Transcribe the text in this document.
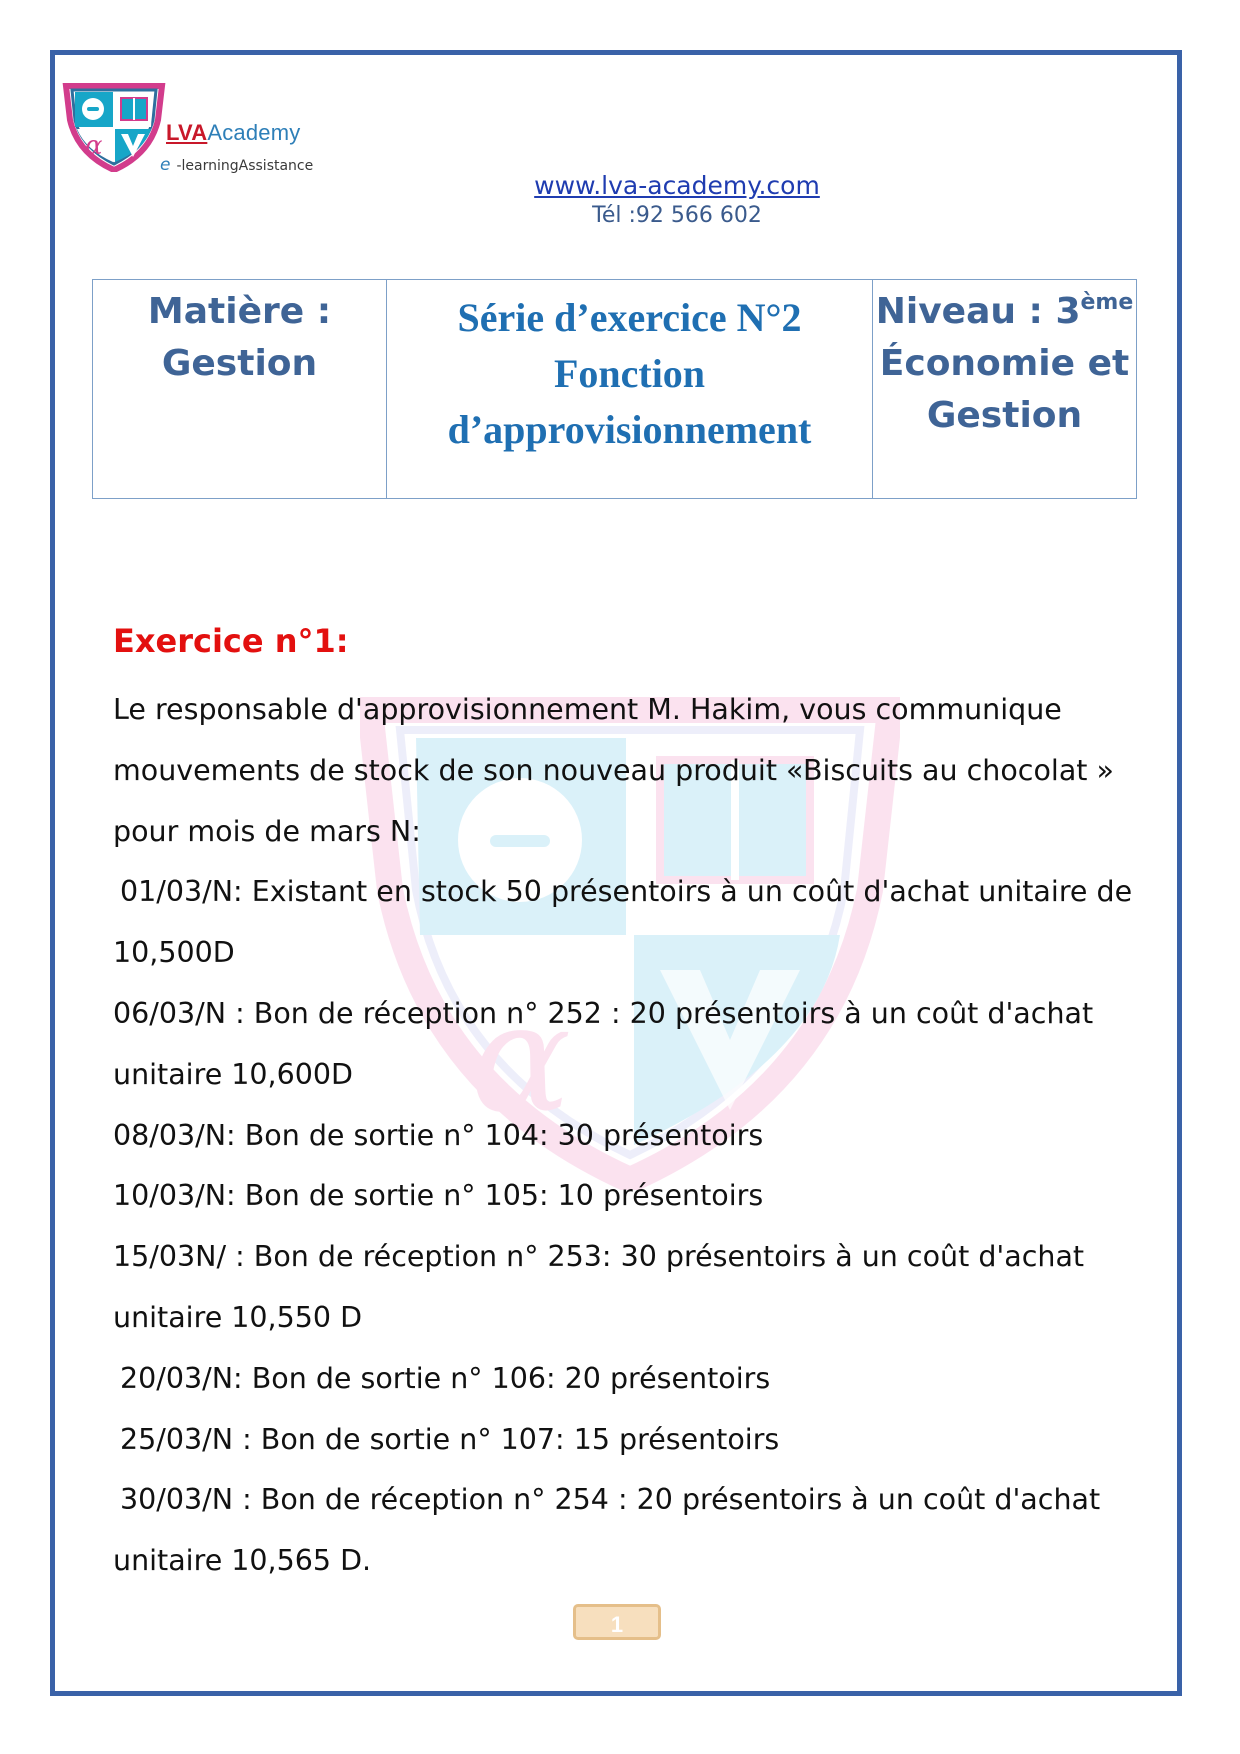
α	LVAAcademy
e -learningAssistance
www.lva-academy.com
Tél :92 566 602
Matière :
Gestion
Série d’exercice N°2
Fonction
d’approvisionnement
Niveau : 3ème
Économie et
Gestion
α
Exercice n°1:
Le responsable d'approvisionnement M. Hakim, vous communique
mouvements de stock de son nouveau produit «Biscuits au chocolat »
pour mois de mars N:
01/03/N: Existant en stock 50 présentoirs à un coût d'achat unitaire de
10,500D
06/03/N : Bon de réception n° 252 : 20 présentoirs à un coût d'achat
unitaire 10,600D
08/03/N: Bon de sortie n° 104: 30 présentoirs
10/03/N: Bon de sortie n° 105: 10 présentoirs
15/03N/ : Bon de réception n° 253: 30 présentoirs à un coût d'achat
unitaire 10,550 D
20/03/N: Bon de sortie n° 106: 20 présentoirs
25/03/N : Bon de sortie n° 107: 15 présentoirs
30/03/N : Bon de réception n° 254 : 20 présentoirs à un coût d'achat
unitaire 10,565 D.
1
